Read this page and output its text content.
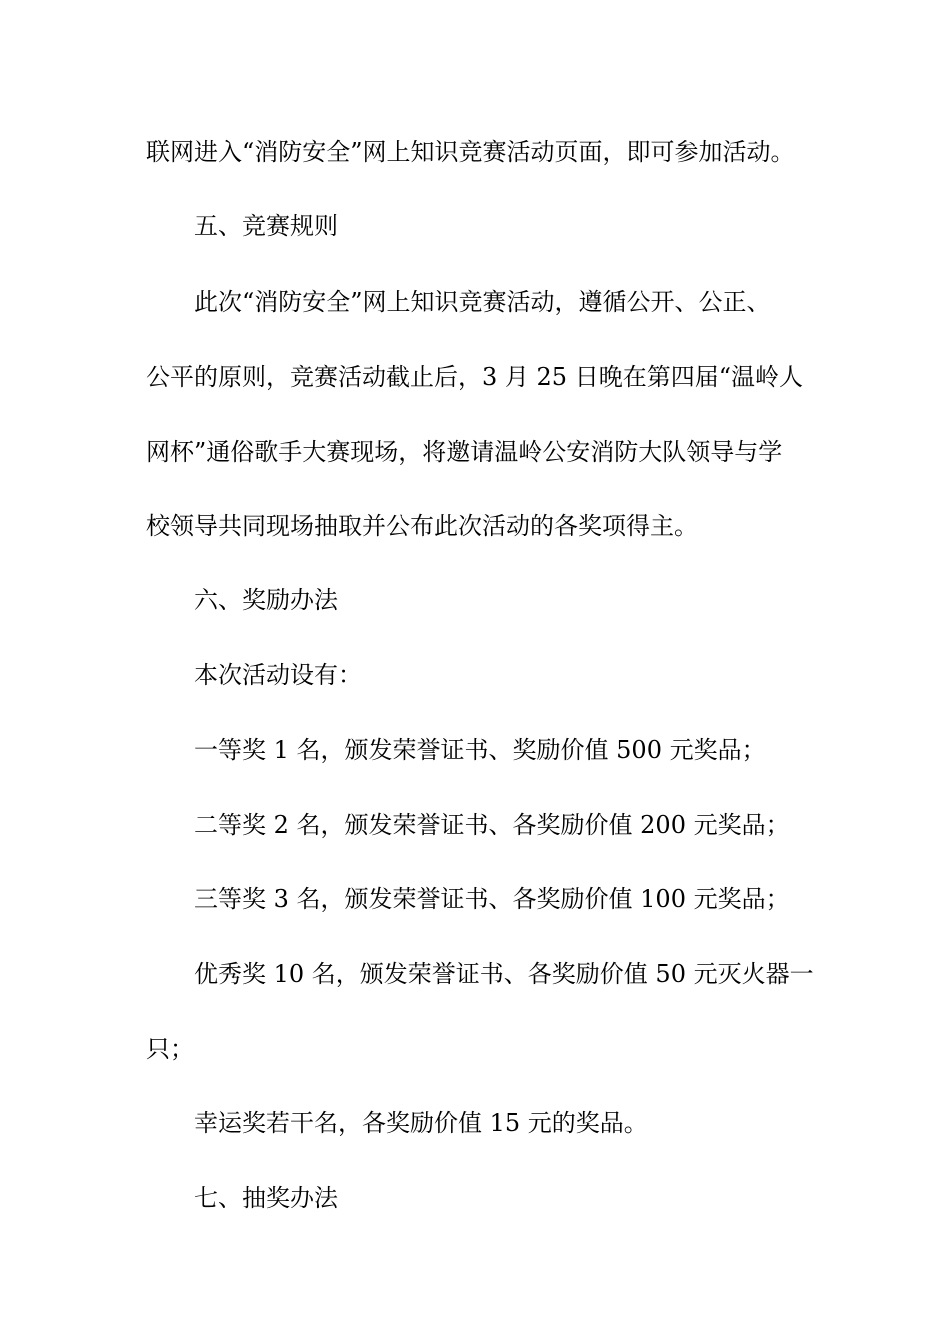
联网进入“消防安全”网上知识竞赛活动页面，即可参加活动。
五、竞赛规则
此次“消防安全”网上知识竞赛活动，遵循公开、公正、
公平的原则，竞赛活动截止后，3 月 25 日晚在第四届“温岭人
网杯”通俗歌手大赛现场，将邀请温岭公安消防大队领导与学
校领导共同现场抽取并公布此次活动的各奖项得主。
六、奖励办法
本次活动设有：
一等奖 1 名，颁发荣誉证书、奖励价值 500 元奖品；
二等奖 2 名，颁发荣誉证书、各奖励价值 200 元奖品；
三等奖 3 名，颁发荣誉证书、各奖励价值 100 元奖品；
优秀奖 10 名，颁发荣誉证书、各奖励价值 50 元灭火器一
只；
幸运奖若干名，各奖励价值 15 元的奖品。
七、抽奖办法
